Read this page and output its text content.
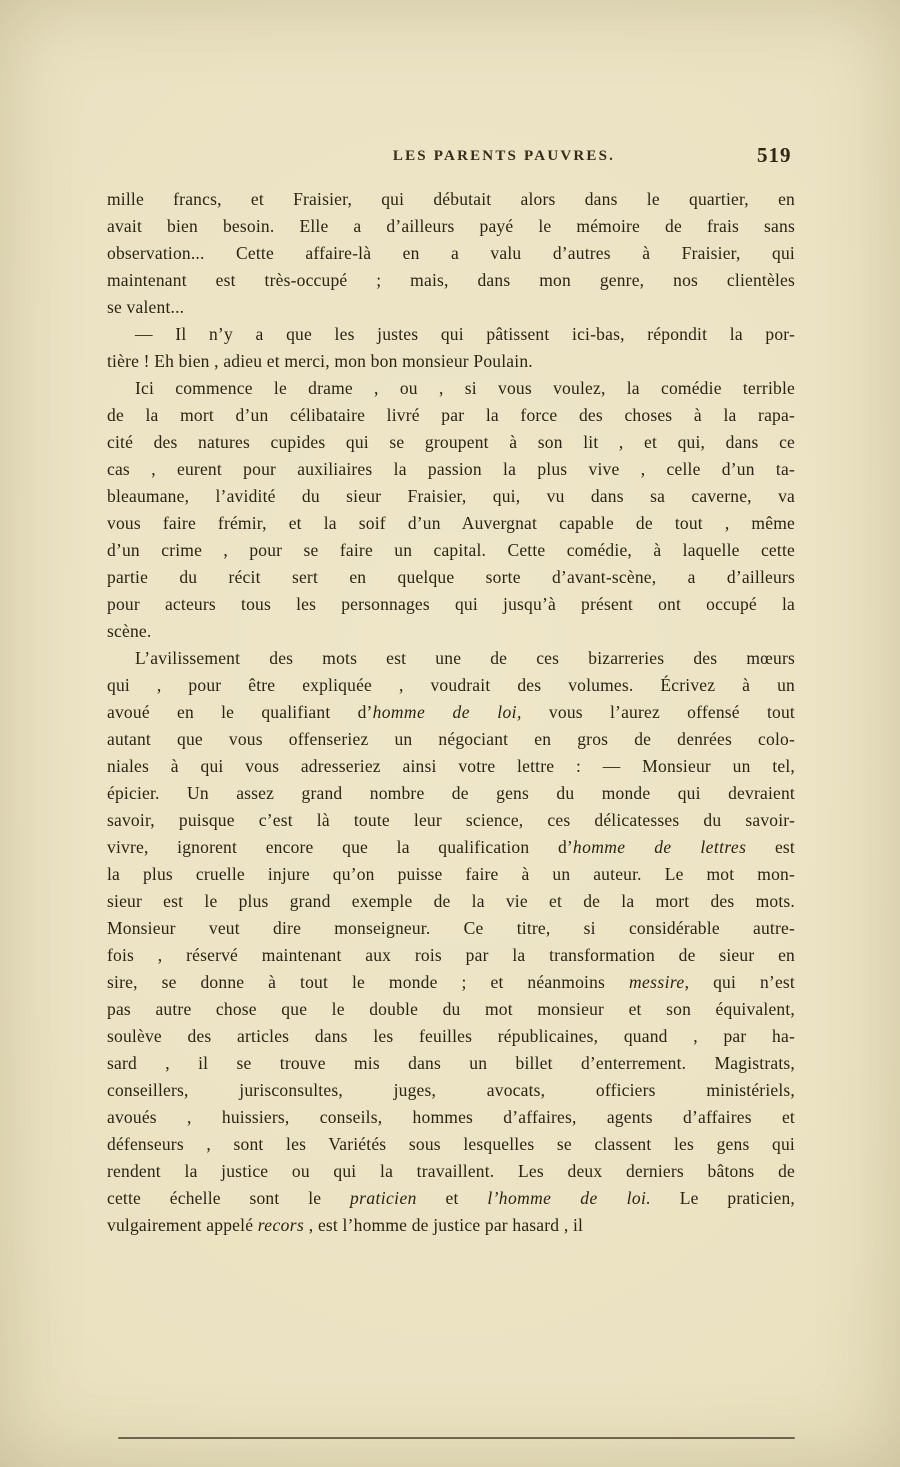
LES PARENTS PAUVRES.	519

mille francs, et Fraisier, qui débutait alors dans le quartier, en
avait bien besoin. Elle a d’ailleurs payé le mémoire de frais sans
observation... Cette affaire-là en a valu d’autres à Fraisier, qui
maintenant est très-occupé ; mais, dans mon genre, nos clientèles
se valent...

— Il n’y a que les justes qui pâtissent ici-bas, répondit la por-
tière ! Eh bien , adieu et merci, mon bon monsieur Poulain.

Ici commence le drame , ou , si vous voulez, la comédie terrible
de la mort d’un célibataire livré par la force des choses à la rapa-
cité des natures cupides qui se groupent à son lit , et qui, dans ce
cas , eurent pour auxiliaires la passion la plus vive , celle d’un ta-
bleaumane, l’avidité du sieur Fraisier, qui, vu dans sa caverne, va
vous faire frémir, et la soif d’un Auvergnat capable de tout , même
d’un crime , pour se faire un capital. Cette comédie, à laquelle cette
partie du récit sert en quelque sorte d’avant-scène, a d’ailleurs
pour acteurs tous les personnages qui jusqu’à présent ont occupé la
scène.

L’avilissement des mots est une de ces bizarreries des mœurs
qui , pour être expliquée , voudrait des volumes. Écrivez à un
avoué en le qualifiant d’homme de loi, vous l’aurez offensé tout
autant que vous offenseriez un négociant en gros de denrées colo-
niales à qui vous adresseriez ainsi votre lettre : — Monsieur un tel,
épicier. Un assez grand nombre de gens du monde qui devraient
savoir, puisque c’est là toute leur science, ces délicatesses du savoir-
vivre, ignorent encore que la qualification d’homme de lettres est
la plus cruelle injure qu’on puisse faire à un auteur. Le mot mon-
sieur est le plus grand exemple de la vie et de la mort des mots.
Monsieur veut dire monseigneur. Ce titre, si considérable autre-
fois , réservé maintenant aux rois par la transformation de sieur en
sire, se donne à tout le monde ; et néanmoins messire, qui n’est
pas autre chose que le double du mot monsieur et son équivalent,
soulève des articles dans les feuilles républicaines, quand , par ha-
sard , il se trouve mis dans un billet d’enterrement. Magistrats,
conseillers, jurisconsultes, juges, avocats, officiers ministériels,
avoués , huissiers, conseils, hommes d’affaires, agents d’affaires et
défenseurs , sont les Variétés sous lesquelles se classent les gens qui
rendent la justice ou qui la travaillent. Les deux derniers bâtons de
cette échelle sont le praticien et l’homme de loi. Le praticien,
vulgairement appelé recors , est l’homme de justice par hasard , il
